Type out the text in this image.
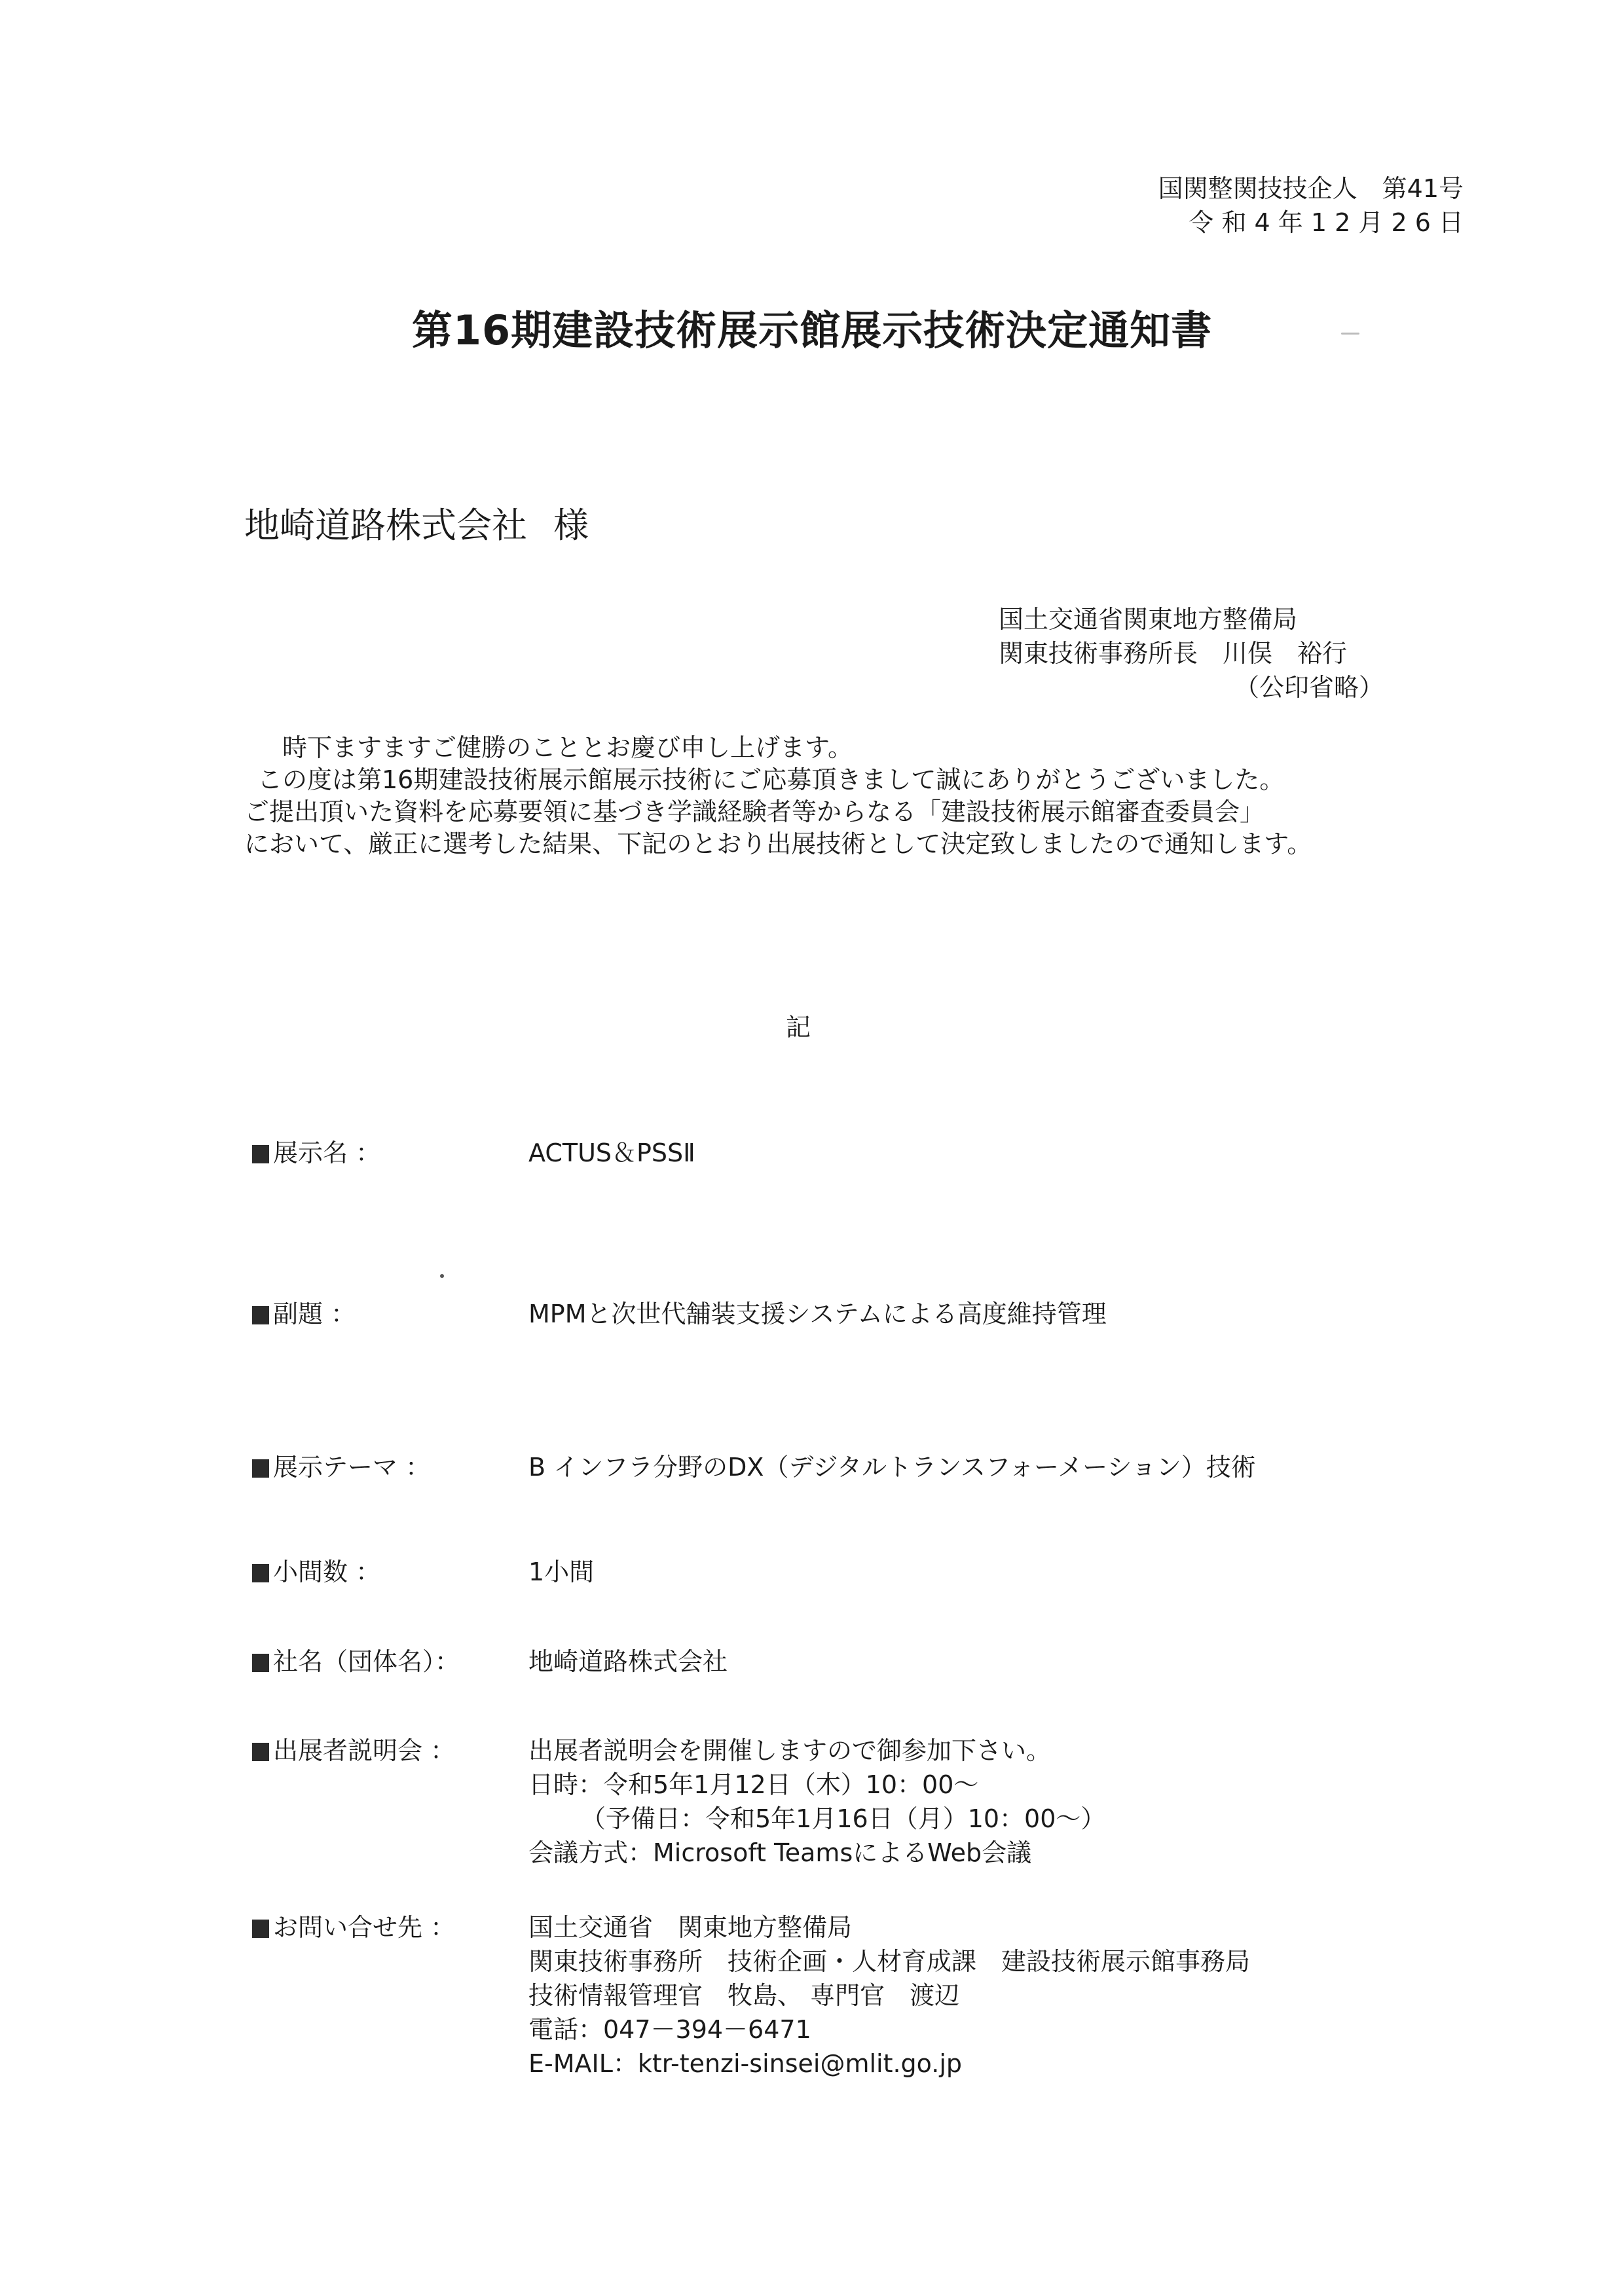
国関整関技技企人　第41号
令 和 4 年 1 2 月 2 6 日
第16期建設技術展示館展示技術決定通知書
地崎道路株式会社 様
国土交通省関東地方整備局
関東技術事務所長　川俣　裕行
（公印省略）

時下ますますご健勝のこととお慶び申し上げます。

この度は第16期建設技術展示館展示技術にご応募頂きまして誠にありがとうございました。

ご提出頂いた資料を応募要領に基づき学識経験者等からなる「建設技術展示館審査委員会」

において、厳正に選考した結果、下記のとおり出展技術として決定致しましたので通知します。

記
展示名 ：	ACTUS＆PSSⅡ
副題 ：	MPMと次世代舗装支援システムによる高度維持管理
展示テーマ ：	B インフラ分野のDX（デジタルトランスフォーメーション）技術
小間数 ：	1小間
社名（団体名）：	地崎道路株式会社
出展者説明会 ：	出展者説明会を開催しますので御参加下さい。
日時：令和5年1月12日（木）10：00～
（予備日：令和5年1月16日（月）10：00～）
会議方式：Microsoft TeamsによるWeb会議
お問い合せ先 ：	国土交通省　関東地方整備局
関東技術事務所　技術企画・人材育成課　建設技術展示館事務局
技術情報管理官　牧島、 専門官　渡辺
電話：047－394－6471
E-MAIL：ktr-tenzi-sinsei@mlit.go.jp
